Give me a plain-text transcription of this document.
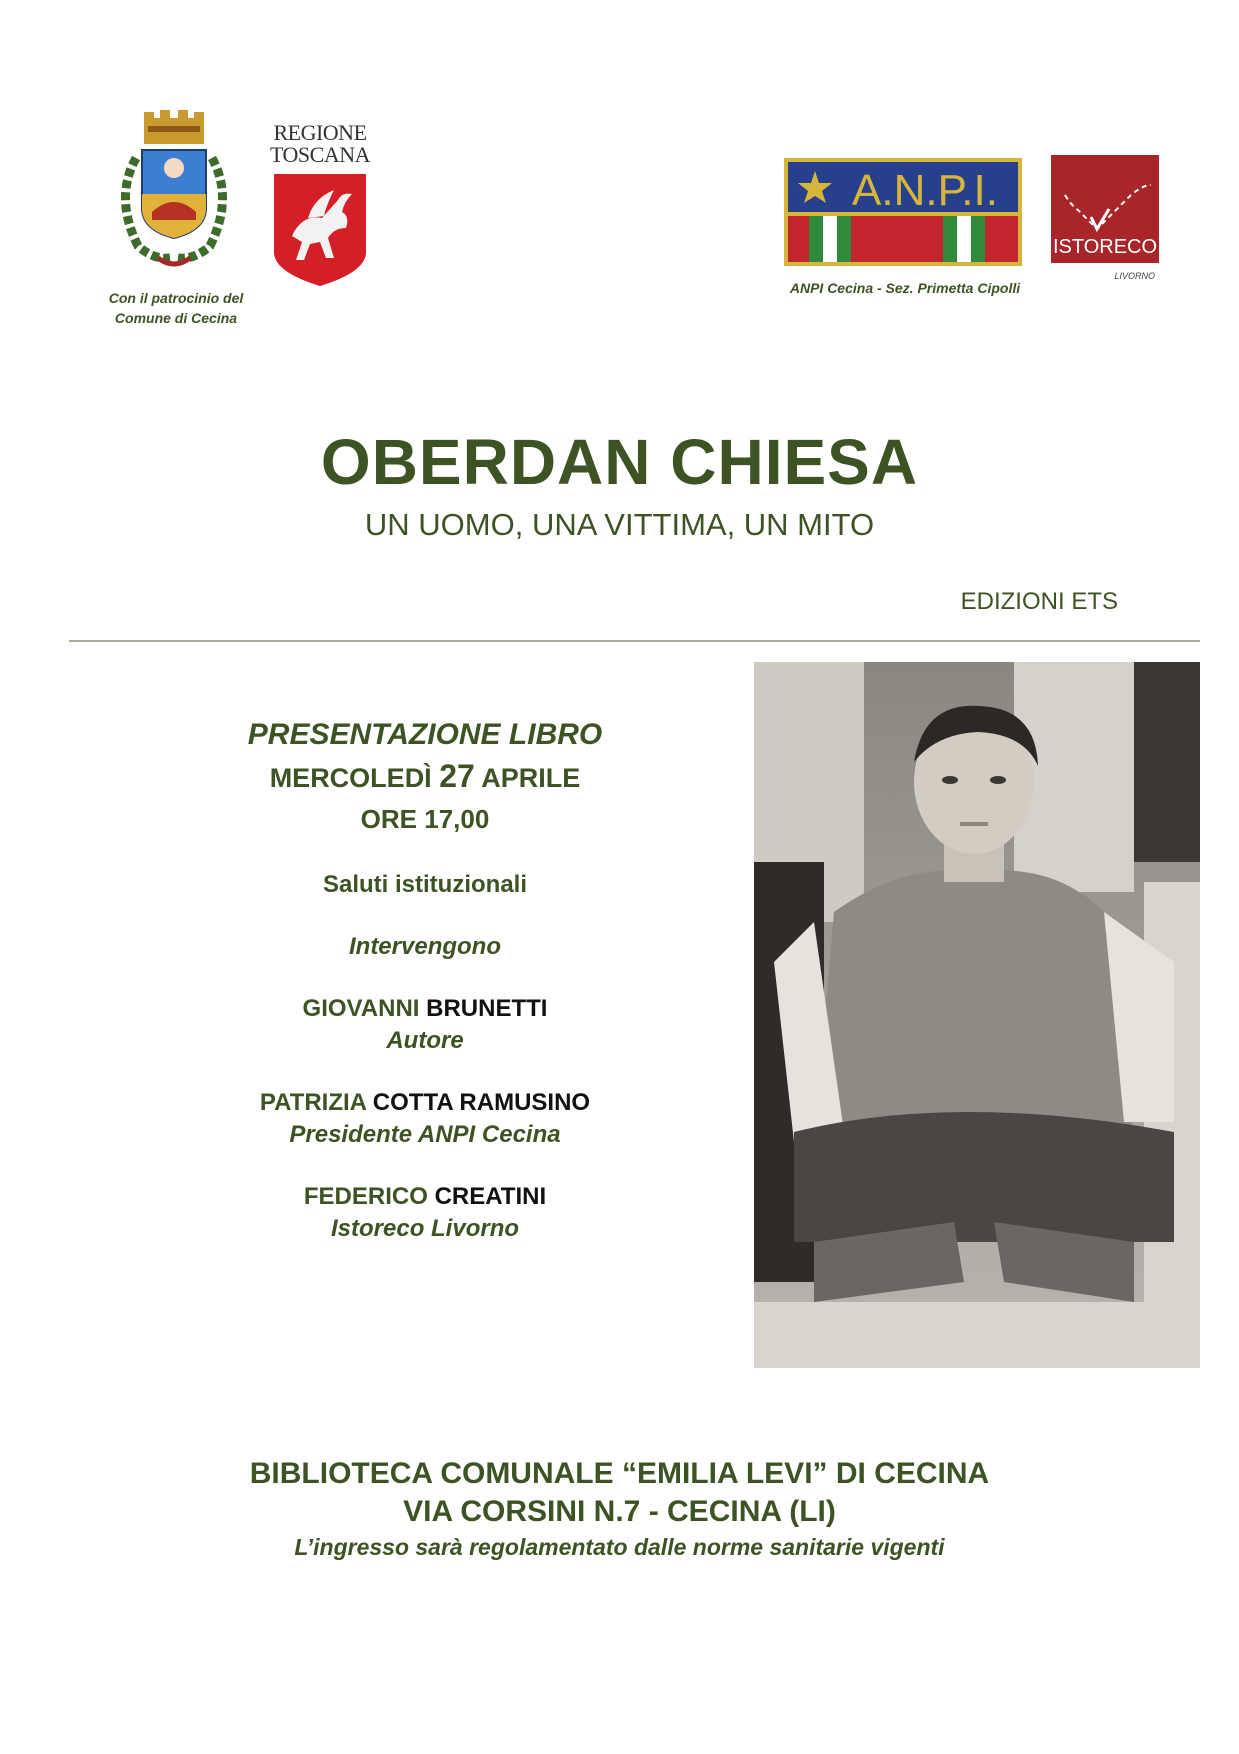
Con il patrocinio del
Comune di Cecina
REGIONE
TOSCANA
A.N.P.I.
ANPI Cecina - Sez. Primetta Cipolli
ISTORECO
LIVORNO
OBERDAN CHIESA
UN UOMO, UNA VITTIMA, UN MITO
EDIZIONI ETS
PRESENTAZIONE LIBRO
MERCOLEDÌ 27 APRILE
ORE 17,00
Saluti istituzionali
Intervengono
GIOVANNI BRUNETTI
Autore
PATRIZIA COTTA RAMUSINO
Presidente ANPI Cecina
FEDERICO CREATINI
Istoreco Livorno
BIBLIOTECA COMUNALE “EMILIA LEVI” DI CECINA
VIA CORSINI N.7 - CECINA (LI)
L’ingresso sarà regolamentato dalle norme sanitarie vigenti
